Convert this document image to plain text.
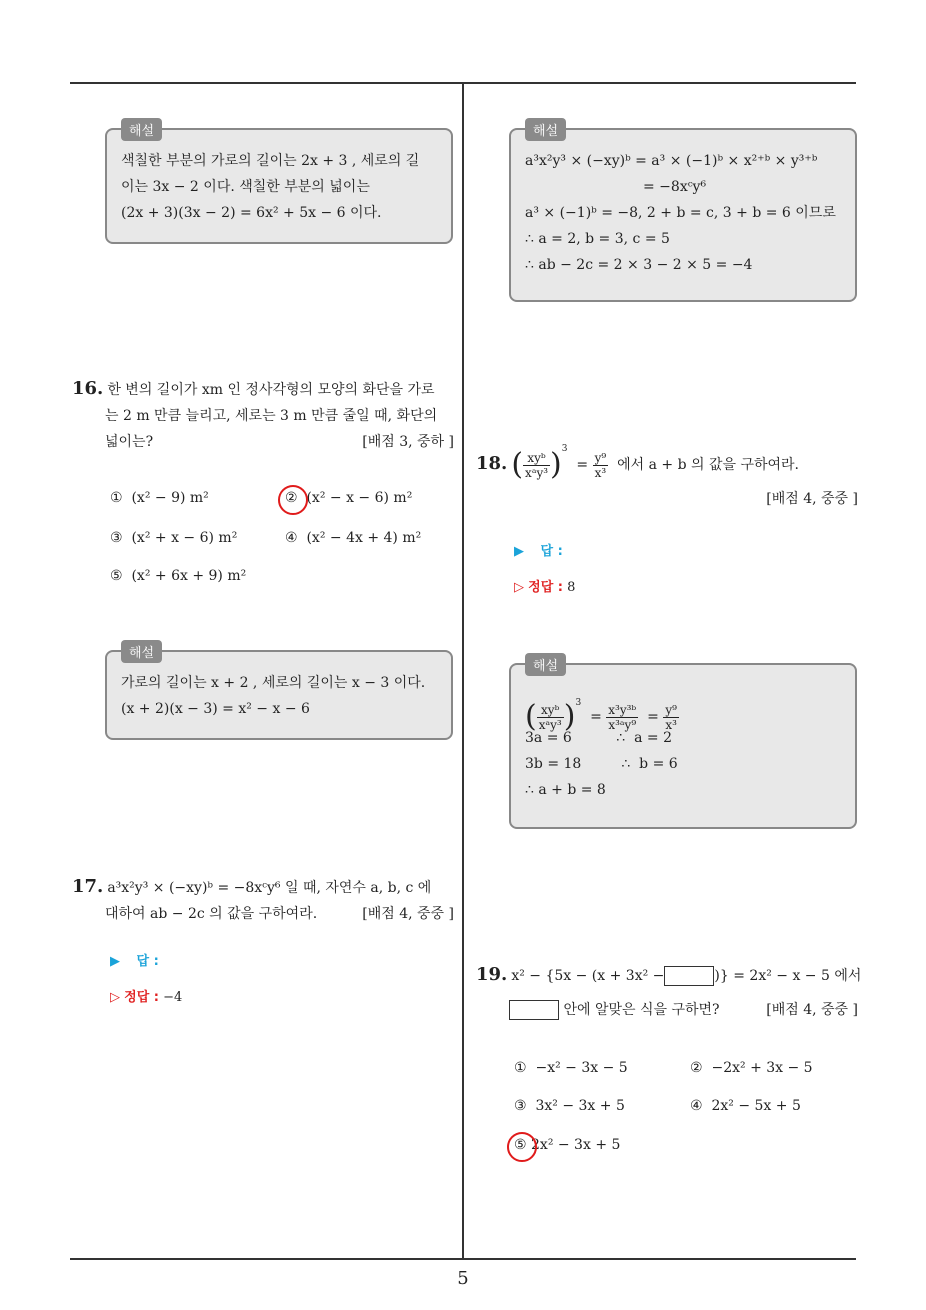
해설
색칠한 부분의 가로의 길이는 2x + 3 , 세로의 길
이는 3x − 2 이다. 색칠한 부분의 넓이는
(2x + 3)(3x − 2) = 6x² + 5x − 6 이다.
16. 한 변의 길이가 xm 인 정사각형의 모양의 화단을 가로
는 2 m 만큼 늘리고, 세로는 3 m 만큼 줄일 때, 화단의
넓이는?	[배점 3, 중하 ]
① (x² − 9) m²	② (x² − x − 6) m²
③ (x² + x − 6) m²	④ (x² − 4x + 4) m²
⑤ (x² + 6x + 9) m²
해설
가로의 길이는 x + 2 , 세로의 길이는 x − 3 이다.
(x + 2)(x − 3) = x² − x − 6
17. a³x²y³ × (−xy)ᵇ = −8xᶜy⁶ 일 때, 자연수 a, b, c 에
대하여 ab − 2c 의 값을 구하여라.	[배점 4, 중중 ]
▶ 답 :
▷ 정답 : −4
해설
a³x²y³ × (−xy)ᵇ = a³ × (−1)ᵇ × x²⁺ᵇ × y³⁺ᵇ
= −8xᶜy⁶
a³ × (−1)ᵇ = −8, 2 + b = c, 3 + b = 6 이므로
∴ a = 2, b = 3, c = 5
∴ ab − 2c = 2 × 3 − 2 × 5 = −4
18. ( $\frac{\text{xyᵇ}}{\text{xᵃy³}} )^3 = \frac{\text{y⁹}}{\text{x³}}$ 에서 a + b 의 값을 구하여라.
[배점 4, 중중 ]
▶ 답 :
▷ 정답 : 8
해설
( $\frac{\text{xyᵇ}}{\text{xᵃy³}} )^3 = \frac{\text{x³y³ᵇ}}{\text{x³ᵃy⁹}} = \frac{\text{y⁹}}{\text{x³}}$
3a = 6          ∴  a = 2
3b = 18         ∴  b = 6
∴ a + b = 8
19. x² − {5x − (x + 3x² −	)} = 2x² − x − 5 에서
안에 알맞은 식을 구하면?	[배점 4, 중중 ]
① −x² − 3x − 5	② −2x² + 3x − 5
③ 3x² − 3x + 5	④ 2x² − 5x + 5
⑤ 2x² − 3x + 5
5
